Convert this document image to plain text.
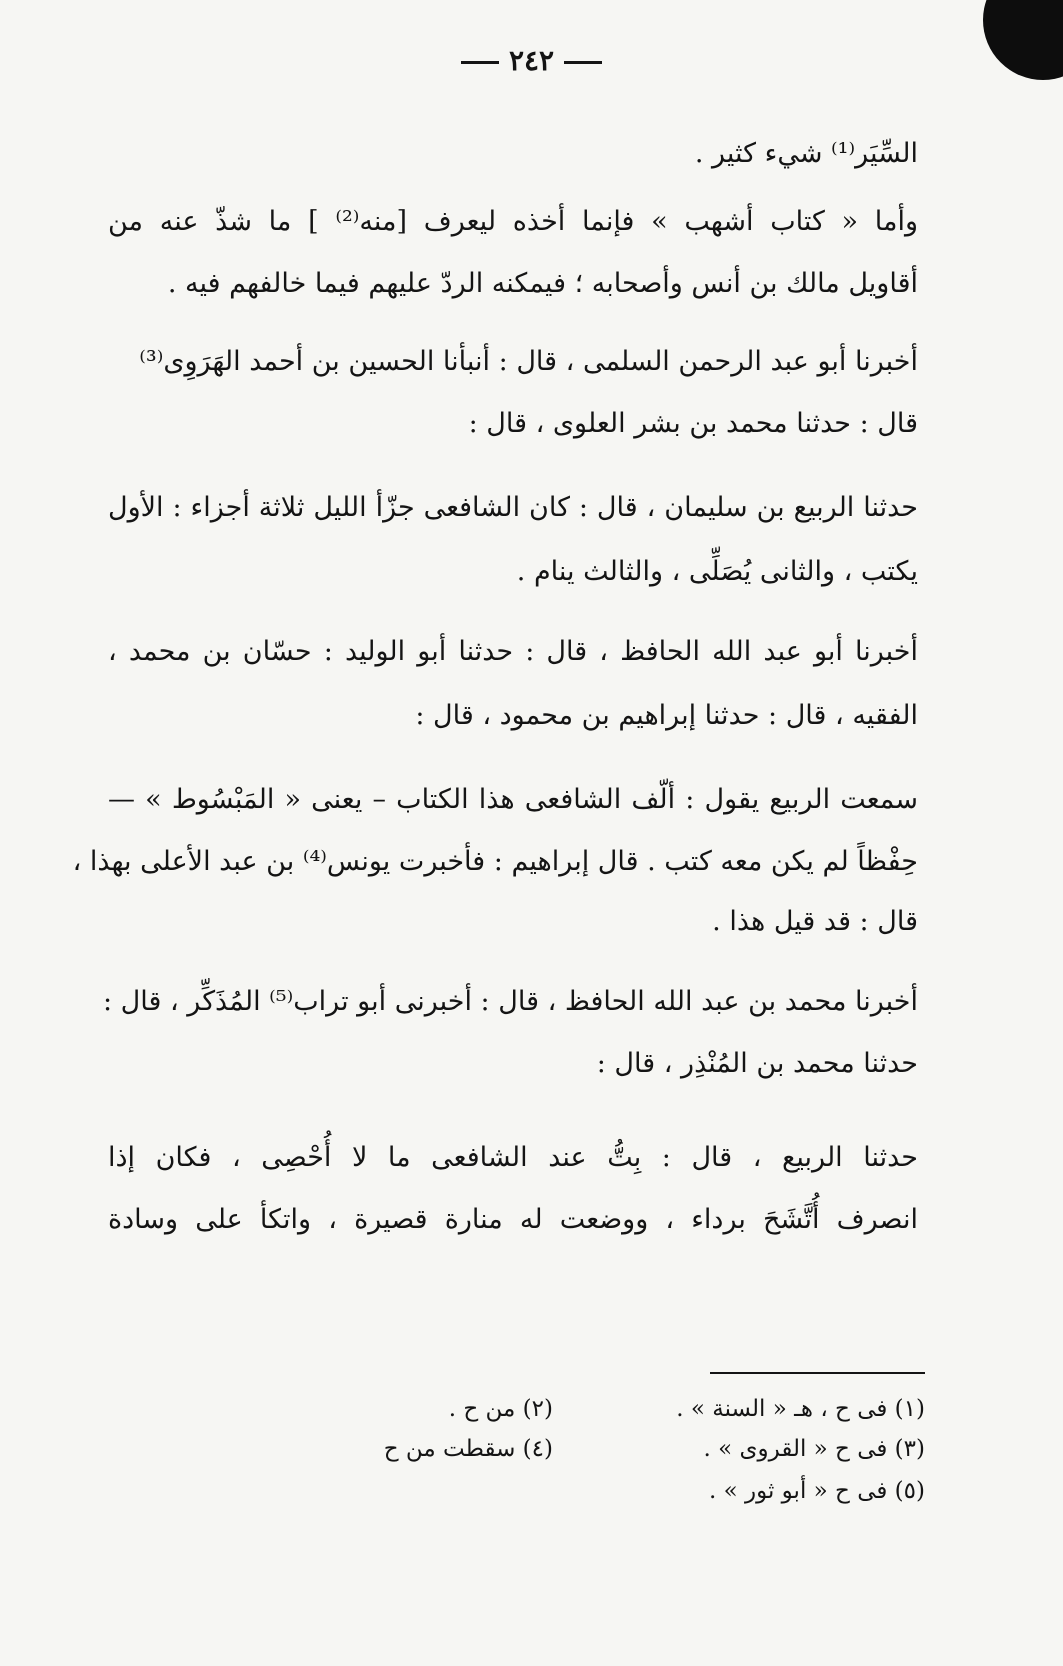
٢٤٢
السِّيَر⁽¹⁾ شيء كثير .
وأما « كتاب أشهب » فإنما أخذه ليعرف [منه⁽²⁾ ] ما شذّ عنه من
أقاويل مالك بن أنس وأصحابه ؛ فيمكنه الردّ عليهم فيما خالفهم فيه .
أخبرنا أبو عبد الرحمن السلمى ، قال : أنبأنا الحسين بن أحمد الهَرَوِى⁽³⁾
قال : حدثنا محمد بن بشر العلوى ، قال :
حدثنا الربيع بن سليمان ، قال : كان الشافعى جزّأ الليل ثلاثة أجزاء : الأول
يكتب ، والثانى يُصَلِّى ، والثالث ينام .
أخبرنا أبو عبد الله الحافظ ، قال : حدثنا أبو الوليد : حسّان بن محمد ،
الفقيه ، قال : حدثنا إبراهيم بن محمود ، قال :
سمعت الربيع يقول : ألّف الشافعى هذا الكتاب – يعنى « المَبْسُوط » —
حِفْظاً لم يكن معه كتب . قال إبراهيم : فأخبرت يونس⁽⁴⁾ بن عبد الأعلى بهذا ،
قال : قد قيل هذا .
أخبرنا محمد بن عبد الله الحافظ ، قال : أخبرنى أبو تراب⁽⁵⁾ المُذَكِّر ، قال :
حدثنا محمد بن المُنْذِر ، قال :
حدثنا الربيع ، قال : بِتُّ عند الشافعى ما لا أُحْصِى ، فكان إذا
انصرف أُتَّشَحَ برداء ، ووضعت له منارة قصيرة ، واتكأ على وسادة
(١) فى ح ، هـ « السنة » .
(٢) من ح .
(٣) فى ح « القروى » .
(٤) سقطت من ح
(٥) فى ح « أبو ثور » .
